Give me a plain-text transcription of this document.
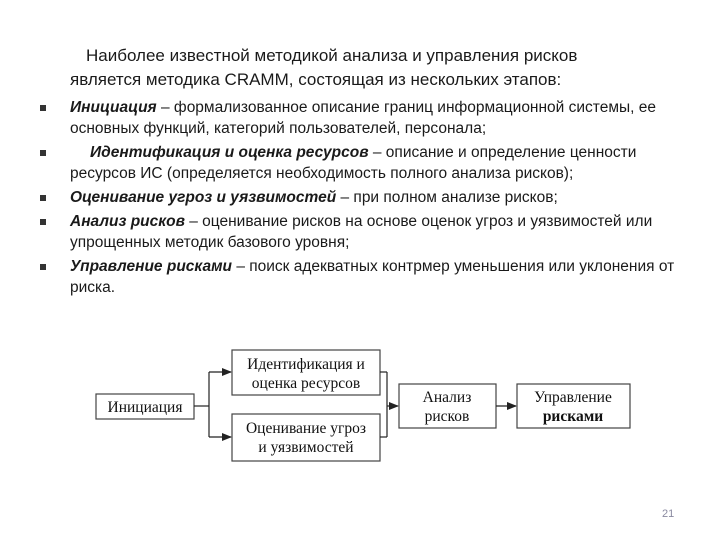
Наиболее известной методикой анализа и управления рисков
является методика CRAMM, состоящая из нескольких этапов:

Инициация – формализованное описание границ информационной системы, ее основных функций, категорий пользователей, персонала;
Идентификация и оценка ресурсов – описание и определение ценности ресурсов ИС (определяется необходимость полного анализа рисков);
Оценивание угроз и уязвимостей – при полном анализе рисков;
Анализ рисков – оценивание рисков на основе оценок угроз и уязвимостей или упрощенных методик базового уровня;
Управление рисками – поиск адекватных контрмер уменьшения или уклонения от риска.
Инициация
Идентификация и
оценка ресурсов
Оценивание угроз
и уязвимостей
Анализ
рисков
Управление
рисками
21
